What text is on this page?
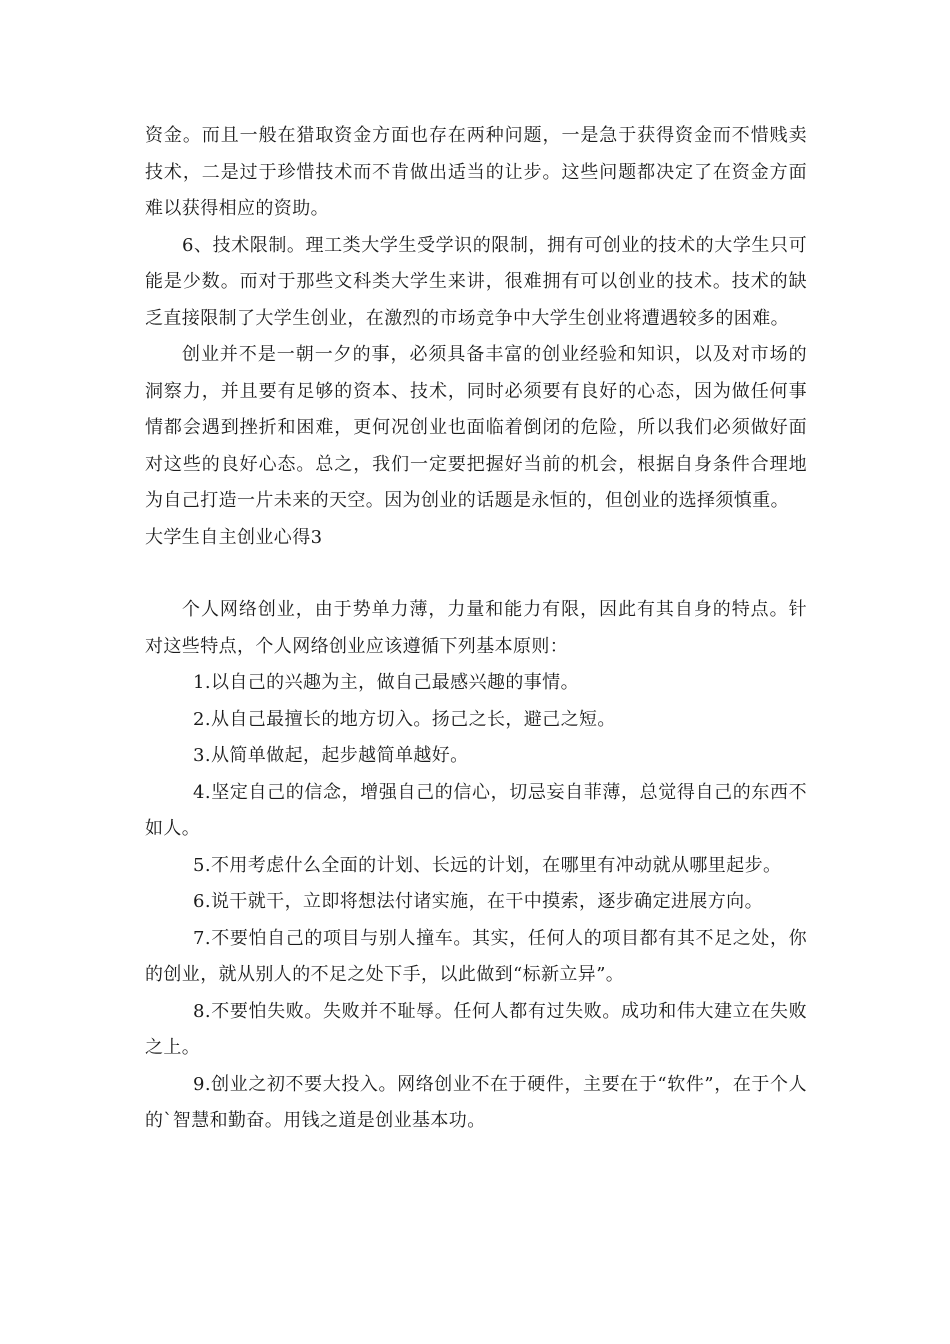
资金。而且一般在猎取资金方面也存在两种问题，一是急于获得资金而不惜贱卖技术，二是过于珍惜技术而不肯做出适当的让步。这些问题都决定了在资金方面难以获得相应的资助。

6、技术限制。理工类大学生受学识的限制，拥有可创业的技术的大学生只可能是少数。而对于那些文科类大学生来讲，很难拥有可以创业的技术。技术的缺乏直接限制了大学生创业，在激烈的市场竞争中大学生创业将遭遇较多的困难。

创业并不是一朝一夕的事，必须具备丰富的创业经验和知识，以及对市场的洞察力，并且要有足够的资本、技术，同时必须要有良好的心态，因为做任何事情都会遇到挫折和困难，更何况创业也面临着倒闭的危险，所以我们必须做好面对这些的良好心态。总之，我们一定要把握好当前的机会，根据自身条件合理地为自己打造一片未来的天空。因为创业的话题是永恒的，但创业的选择须慎重。

大学生自主创业心得3

个人网络创业，由于势单力薄，力量和能力有限，因此有其自身的特点。针对这些特点，个人网络创业应该遵循下列基本原则：

1.以自己的兴趣为主，做自己最感兴趣的事情。

2.从自己最擅长的地方切入。扬己之长，避己之短。

3.从简单做起，起步越简单越好。

4.坚定自己的信念，增强自己的信心，切忌妄自菲薄，总觉得自己的东西不如人。

5.不用考虑什么全面的计划、长远的计划，在哪里有冲动就从哪里起步。

6.说干就干，立即将想法付诸实施，在干中摸索，逐步确定进展方向。

7.不要怕自己的项目与别人撞车。其实，任何人的项目都有其不足之处，你的创业，就从别人的不足之处下手，以此做到“标新立异”。

8.不要怕失败。失败并不耻辱。任何人都有过失败。成功和伟大建立在失败之上。

9.创业之初不要大投入。网络创业不在于硬件，主要在于“软件”，在于个人的`智慧和勤奋。用钱之道是创业基本功。
